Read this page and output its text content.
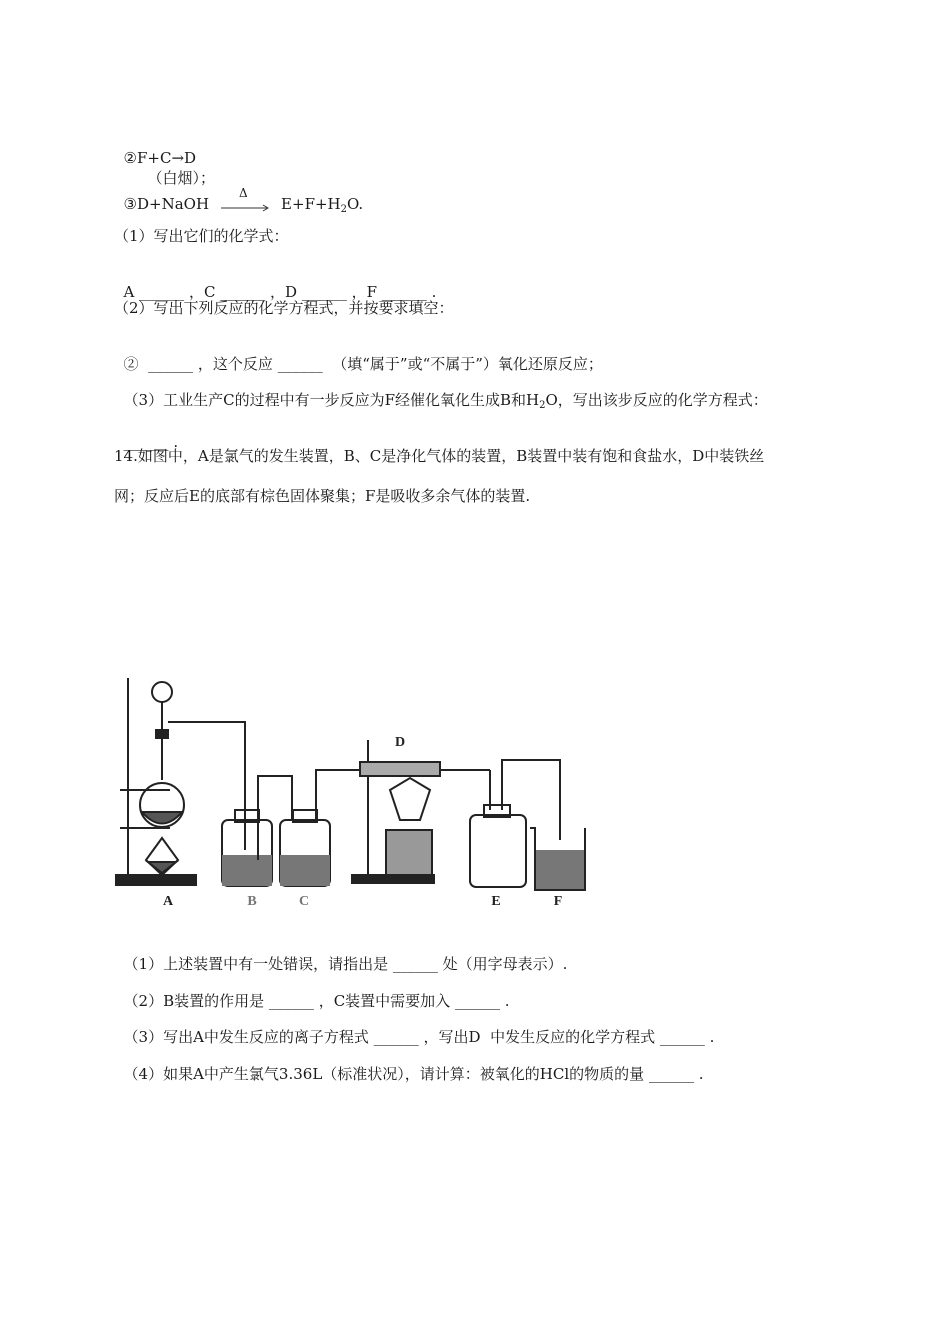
②F+C→D
（白烟）；

③D+NaOH
Δ
$E+F+H_2O$.

（1）写出它们的化学式：

A ______ ，C ______ ，D ______ ，F ______ .

（2）写出下列反应的化学方程式，并按要求填空：

② ______ ，这个反应 ______ （填“属于”或“不属于”）氧化还原反应；

（3）工业生产C的过程中有一步反应为F经催化氧化生成B和$H_2O$，写出该步反应的化学方程式：

______ .

14.如图中，A是氯气的发生装置，B、C是净化气体的装置，B装置中装有饱和食盐水，D中装铁丝
网；反应后E的底部有棕色固体聚集；F是吸收多余气体的装置.
A	B	C
D
E	F

（1）上述装置中有一处错误，请指出是 ______ 处（用字母表示）.

（2）B装置的作用是 ______ ，C装置中需要加入 ______ .

（3）写出A中发生反应的离子方程式 ______ ，写出D  中发生反应的化学方程式 ______ .

（4）如果A中产生氯气3.36L（标准状况），请计算：被氧化的HCl的物质的量 ______ .
